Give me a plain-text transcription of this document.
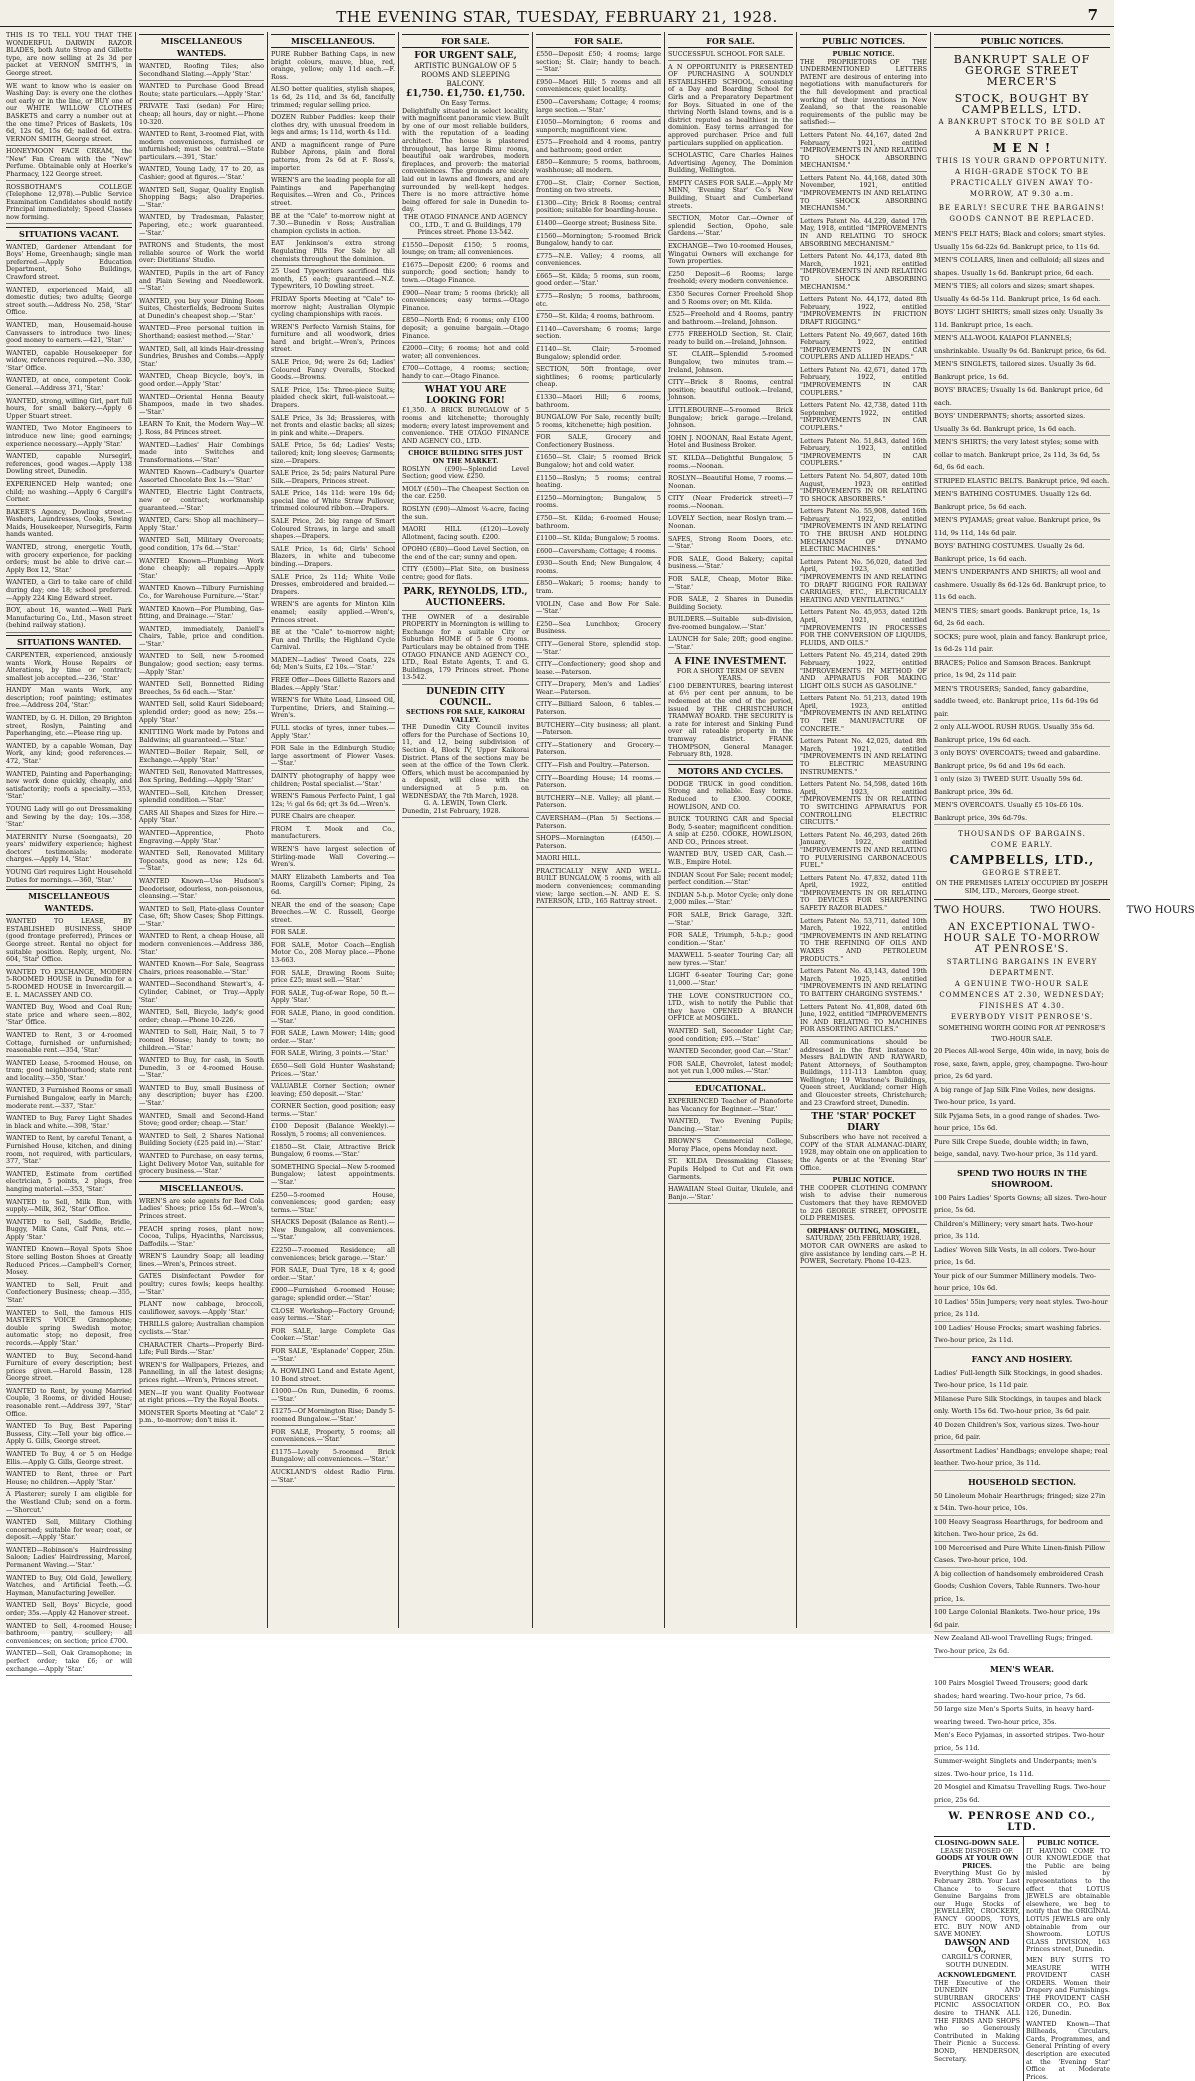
THE EVENING STAR, TUESDAY, FEBRUARY 21, 1928.	7
THIS IS TO TELL YOU THAT THE WONDERFUL DARWIN RAZOR BLADES, both Auto Strop and Gillette type, are now selling at 2s 3d per packet at VERNON SMITH'S, in George street.
WE want to know who is easier on Washing Day: is every one the clothes out early or in the line, or BUY one of our WHITE WILLOW CLOTHES BASKETS and carry a number out at the one time? Prices of Baskets, 10s 6d, 12s 6d, 15s 6d; nailed 6d extra. VERNON SMITH, George street.
HONEYMOON FACE CREAM, the "New" Fan Cream with the "New" Perfume. Obtainable only at Hoerke's Pharmacy, 122 George street.
ROSSBOTHAM'S COLLEGE (Telephone 12,978).—Public Service Examination Candidates should notify Principal immediately; Speed Classes now forming.
SITUATIONS VACANT.
WANTED, Gardener Attendant for Boys' Home, Greenhaugh; single man preferred.—Apply Education Department, Soho Buildings, Crawford street.
WANTED, experienced Maid, all domestic duties; two adults; George street south.—Address No. 258, 'Star' Office.
WANTED, man, Housemaid-house Canvassers to introduce two lines; good money to earners.—421, 'Star.'
WANTED, capable Housekeeper for widow, references required.—No. 330, 'Star' Office.
WANTED, at once, competent Cook-General.—Address 371, 'Star.'
WANTED, strong, willing Girl, part full hours, for small bakery.—Apply 6 Upper Stuart street.
WANTED, Two Motor Engineers to introduce new line; good earnings; experience necessary.—Apply 'Star.'
WANTED, capable Nursegirl, references, good wages.—Apply 138 Dowling street, Dunedin.
EXPERIENCED Help wanted; one child; no washing.—Apply 6 Cargill's Corner.
BAKER'S Agency, Dowling street.—Washers, Laundresses, Cooks, Sewing Maids, Housekeeper, Nursegirls, Farm hands wanted.
WANTED, strong, energetic Youth, with grocery experience, for packing orders; must be able to drive car.—Apply Box 12, 'Star.'
WANTED, a Girl to take care of child during day; one 18; school preferred.—Apply 224 King Edward street.
BOY, about 16, wanted.—Well Park Manufacturing Co., Ltd., Mason street (behind railway station).
SITUATIONS WANTED.
CARPENTER, experienced, anxiously wants Work, House Repairs or Alterations, by time or contract; smallest job accepted.—236, 'Star.'
HANDY Man wants Work, any description; roof painting; estimates free.—Address 204, 'Star.'
WANTED, by G. H. Dillon, 29 Brighton street, Roslyn, Painting and Paperhanging, etc.—Please ring up.
WANTED, by a capable Woman, Day Work, any kind; good references.—472, 'Star.'
WANTED, Painting and Paperhanging; new work done quickly, cheaply, and satisfactorily; roofs a specialty.—353, 'Star.'
YOUNG Lady will go out Dressmaking and Sewing by the day; 10s.—358, 'Star.'
MATERNITY Nurse (Soengaats), 20 years' midwifery experience; highest doctors' testimonials; moderate charges.—Apply 14, 'Star.'
YOUNG Girl requires Light Household Duties for mornings.—360, 'Star.'
MISCELLANEOUS WANTEDS.
WANTED TO LEASE, BY ESTABLISHED BUSINESS, SHOP (good frontage preferred), Princes or George street. Rental no object for suitable position. Reply, urgent, No. 604, 'Star' Office.
WANTED TO EXCHANGE, MODERN 5-ROOMED HOUSE in Dunedin for a 5-ROOMED HOUSE in Invercargill.—E. L. MACASSEY AND CO.
WANTED Buy, Wood and Coal Run; state price and where seen.—802, 'Star' Office.
WANTED to Rent, 3 or 4-roomed Cottage, furnished or unfurnished; reasonable rent.—354, 'Star.'
WANTED Lease, 5-roomed House, on tram; good neighbourhood; state rent and locality.—350, 'Star.'
WANTED, 3 Furnished Rooms or small Furnished Bungalow, early in March; moderate rent.—337, 'Star.'
WANTED to Buy, Farey Light Shades in black and white.—398, 'Star.'
WANTED to Rent, by careful Tenant, a Furnished House, kitchen, and dining room, not required, with particulars, 377, 'Star.'
WANTED, Estimate from certified electrician, 5 points, 2 plugs, free hanging material.—353, 'Star.'
WANTED to Sell, Milk Run, with supply.—Milk, 362, 'Star' Office.
WANTED to Sell, Saddle, Bridle, Buggy, Milk Cans, Calf Pens, etc.—Apply 'Star.'
WANTED Known—Royal Spots Shoe Store selling Boston Shoes at Greatly Reduced Prices.—Campbell's Corner, Mosey.
WANTED to Sell, Fruit and Confectionery Business; cheap.—355, 'Star.'
WANTED to Sell, the famous HIS MASTER'S VOICE Gramophone; double spring Swedish motor, automatic stop; no deposit, free records.—Apply 'Star.'
WANTED to Buy, Second-hand Furniture of every description; best prices given.—Harold Bassin, 128 George street.
WANTED to Rent, by young Married Couple, 3 Rooms, or divided House; reasonable rent.—Address 397, 'Star' Office.
WANTED To Buy, Best Papering Bussess, City.—Tell your big office.—Apply G. Gills, George street.
WANTED To Buy, 4 or 5 on Hedge Ellis.—Apply G. Gills, George street.
WANTED to Rent, three or Part House; no children.—Apply 'Star.'
A Plasterer; surely I am eligible for the Westland Club; send on a form.—'Shorcut.'
WANTED Sell, Military Clothing concerned; suitable for wear; coat, or deposit.—Apply 'Star.'
WANTED—Robinson's Hairdressing Saloon; Ladies' Hairdressing, Marcel, Permanent Waving.—'Star.'
WANTED to Buy, Old Gold, Jewellery, Watches, and Artificial Teeth.—G. Hayman, Manufacturing Jeweller.
WANTED Sell, Boys' Bicycle, good order; 35s.—Apply 42 Hanover street.
WANTED to Sell, 4-roomed House; bathroom, pantry, scullery; all conveniences; on section; price £700.
WANTED—Sell, Oak Gramophone; in perfect order; take £6; or will exchange.—Apply 'Star.'
MISCELLANEOUS WANTEDS.
WANTED, Roofing Tiles; also Secondhand Slating.—Apply 'Star.'
WANTED to Purchase Good Bread Route; state particulars.—Apply 'Star.'
PRIVATE Taxi (sedan) For Hire; cheap; all hours, day or night.—Phone 10-320.
WANTED to Rent, 3-roomed Flat, with modern conveniences, furnished or unfurnished; must be central.—State particulars.—391, 'Star.'
WANTED, Young Lady, 17 to 20, as Cashier; good at figures.—'Star.'
WANTED Sell, Sugar, Quality English Shopping Bags; also Draperies.—'Star.'
WANTED, by Tradesman, Palaster, Papering, etc.; work guaranteed.—'Star.'
PATRONS and Students, the most reliable source of Work the world over: Dietitians' Studio.
WANTED, Pupils in the art of Fancy and Plain Sewing and Needlework.—'Star.'
WANTED, you buy your Dining Room Suites, Chesterfields, Bedroom Suites at Dunedin's cheapest shop.—'Star.'
WANTED—Free personal tuition in Shorthand; easiest method.—'Star.'
WANTED, Sell, all kinds Hair-dressing Sundries, Brushes and Combs.—Apply 'Star.'
WANTED, Cheap Bicycle, boy's, in good order.—Apply 'Star.'
WANTED—Oriental Henna Beauty Shampoos, made in two shades.—'Star.'
LEARN To Knit, the Modern Way—W. J. Ross, 84 Princes street.
WANTED—Ladies' Hair Combings made into Switches and Transformations.—'Star.'
WANTED Known—Cadbury's Quarter Assorted Chocolate Box 1s.—'Star.'
WANTED, Electric Light Contracts, new or contract; workmanship guaranteed.—'Star.'
WANTED, Cars: Shop all machinery—Apply 'Star.'
WANTED Sell, Military Overcoats; good condition, 17s 6d.—'Star.'
WANTED Known—Plumbing Work done cheaply; all repairs.—Apply 'Star.'
WANTED Known—Tilbury Furnishing Co., for Warehouse Furniture.—'Star.'
WANTED Known—For Plumbing, Gas-fitting, and Drainage.—'Star.'
WANTED, immediately, Daniell's Chairs, Table, price and condition.—'Star.'
WANTED to Sell, new 5-roomed Bungalow; good section; easy terms.—Apply 'Star.'
WANTED Sell, Bonnetted Riding Breeches, 5s 6d each.—'Star.'
WANTED Sell, solid Kauri Sideboard; splendid order; good as new; 25s.—Apply 'Star.'
KNITTING Work made by Patons and Baldwins; all guaranteed.—'Star.'
WANTED—Boiler Repair, Sell, or Exchange.—Apply 'Star.'
WANTED Sell, Renovated Mattresses, Box Spring, Bedding.—Apply 'Star.'
WANTED—Sell, Kitchen Dresser, splendid condition.—'Star.'
CARS All Shapes and Sizes for Hire.—Apply 'Star.'
WANTED—Apprentice, Photo Engraving.—Apply 'Star.'
WANTED Sell, Renovated Military Topcoats, good as new; 12s 6d.—'Star.'
WANTED Known—Use Hudson's Deodoriser, odourless, non-poisonous, cleansing.—'Star.'
WANTED to Sell, Plate-glass Counter Case, 6ft; Show Cases; Shop Fittings.—'Star.'
WANTED to Rent, a cheap House, all modern conveniences.—Address 386, 'Star.'
WANTED Known—For Sale, Seagrass Chairs, prices reasonable.—'Star.'
WANTED—Secondhand Stewart's, 4-Cylinder, Cabinet, or Tray.—Apply 'Star.'
WANTED, Sell, Bicycle, lady's; good order; cheap.—Phone 10-226.
WANTED to Sell, Hair, Nail, 5 to 7 roomed House; handy to town; no children.—'Star.'
WANTED to Buy, for cash, in South Dunedin, 3 or 4-roomed House.—'Star.'
WANTED to Buy, small Business of any description; buyer has £200.—'Star.'
WANTED, Small and Second-Hand Stove; good order; cheap.—'Star.'
WANTED to Sell, 2 Shares National Building Society (£25 paid in).—'Star.'
WANTED to Purchase, on easy terms, Light Delivery Motor Van, suitable for grocery business.—'Star.'
MISCELLANEOUS.
WREN'S are sole agents for Red Cola Ladies' Shoes; price 15s 6d.—Wren's, Princes street.
PEACH spring roses, plant now; Cocoa, Tulips, Hyacinths, Narcissus, Daffodils.—'Star.'
WREN'S Laundry Soap; all leading lines.—Wren's, Princes street.
GATES Disinfectant Powder for poultry; cures fowls; keeps healthy.—'Star.'
PLANT now cabbage, broccoli, cauliflower, savoys.—Apply 'Star.'
THRILLS galore; Australian champion cyclists.—'Star.'
CHARACTER Charts—Properly Bird-Life; Full Birds.—'Star.'
WREN'S for Wallpapers, Friezes, and Pannelling, in all the latest designs; prices right.—Wren's, Princes street.
MEN—If you want Quality Footwear at right prices.—Try the Royal Boots.
MONSTER Sports Meeting at "Cale" 2 p.m., to-morrow; don't miss it.
MISCELLANEOUS.
PURE Rubber Bathing Caps, in new bright colours, mauve, blue, red, orange, yellow; only 11d each.—F. Ross.
ALSO better qualities, stylish shapes, 1s 6d, 2s 11d, and 3s 6d, fancifully trimmed; regular selling price.
DOZEN Rubber Paddles: keep their clothes dry, with unusual freedom in legs and arms; 1s 11d, worth 4s 11d.
AND a magnificent range of Pure Rubber Aprons, plain and floral patterns, from 2s 6d at F. Ross's, importer.
WREN'S are the leading people for all Paintings and Paperhanging Requisites.—Wren and Co., Princes street.
BE at the "Cale" to-morrow night at 7.30.—Bunedin v Ross; Australian champion cyclists in action.
EAT Jenkinson's extra strong Regulating Pills For Sale by all chemists throughout the dominion.
25 Used Typewriters sacrificed this month, £5 each; guaranteed.—N.Z. Typewriters, 10 Dowling street.
FRIDAY Sports Meeting at "Cale" to-morrow night; Australian Olympic cycling championships with races.
WREN'S Perfecto Varnish Stains, for furniture and all woodwork, dries hard and bright.—Wren's, Princes street.
SALE Price, 9d; were 2s 6d; Ladies' Coloured Fancy Overalls, Stocked Goods.—Browns.
SALE Price, 15s: Three-piece Suits; plaided check skirt, full-waistcoat.—Drapers.
SALE Price, 3s 3d; Brassieres, with net fronts and elastic backs; all sizes; in pink and white.—Drapers.
SALE Price, 5s 6d; Ladies' Vests; tailored; knit; long sleeves; Garments; size.—Drapers.
SALE Price, 2s 5d; pairs Natural Pure Silk.—Drapers, Princes street.
SALE Price, 14s 11d: were 19s 6d; special line of White Straw Pullover, trimmed coloured ribbon.—Drapers.
SALE Price, 2d: big range of Smart Coloured Straws, in large and small shapes.—Drapers.
SALE Price, 1s 6d; Girls' School Blazers, in white and tubecome binding.—Drapers.
SALE Price, 2s 11d; White Voile Dresses, embroidered and braided.—Drapers.
WREN'S are agents for Minton Kiln enamel; easily applied.—Wren's, Princes street.
BE at the "Cale" to-morrow night; Fun and Thrills; the Highland Cycle Carnival.
MADEN—Ladies' Tweed Coats, 22s 6d; Men's Suits, £2 10s.—'Star.'
FREE Offer—Dees Gillette Razors and Blades.—Apply 'Star.'
WREN'S for White Lead, Linseed Oil, Turpentine, Driers, and Staining.—Wren's.
FULL stocks of tyres, inner tubes.—Apply 'Star.'
FOR Sale in the Edinburgh Studio; large assortment of Flower Vases.—'Star.'
DAINTY photography of happy wee children; Postal specialist.—'Star.'
WREN'S Famous Perfecto Paint, 1 gal 12s; ½ gal 6s 6d; qrt 3s 6d.—Wren's.
PURE Chairs are cheaper.
FROM T. Mook and Co., manufacturers.
WREN'S have largest selection of Stirling-made Wall Covering.—Wren's.
MARY Elizabeth Lamberts and Tea Rooms, Cargill's Corner; Piping, 2s 6d.
NEAR the end of the season; Cape Breeches.—W. C. Russell, George street.
FOR SALE.
FOR SALE, Motor Coach—English Motor Co., 208 Moray place.—Phone 13-663.
FOR SALE, Drawing Room Suite; price £25; must sell.—'Star.'
FOR SALE, Tug-of-war Rope, 50 ft.—Apply 'Star.'
FOR SALE, Piano, in good condition.—'Star.'
FOR SALE, Lawn Mower; 14in; good order.—'Star.'
FOR SALE, Wiring, 3 points.—'Star.'
£650—Sell Gold Hunter Washstand; Prices.—'Star.'
VALUABLE Corner Section; owner leaving; £50 deposit.—'Star.'
CORNER Section, good position; easy terms.—'Star.'
£100 Deposit (Balance Weekly).—Rosslyn, 5 rooms; all conveniences.
£1850—St. Clair, Attractive Brick Bungalow, 6 rooms.—'Star.'
SOMETHING Special—New 5-roomed Bungalow; latest appointments.—'Star.'
£250—5-roomed House, conveniences; good garden; easy terms.—'Star.'
SHACKS Deposit (Balance as Rent).—New Bungalow, all conveniences.—'Star.'
£2250—7-roomed Residence; all conveniences; brick garage.—'Star.'
FOR SALE, Dual Tyre, 18 x 4; good order.—'Star.'
£900—Furnished 6-roomed House; garage; splendid order.—'Star.'
CLOSE Workshop—Factory Ground; easy terms.—'Star.'
FOR SALE, large Complete Gas Cooker.—'Star.'
FOR SALE, 'Esplanade' Copper, 25in.—'Star.'
A. HOWLING Land and Estate Agent, 10 Bond street.
£1000—On Run, Dunedin, 6 rooms.—'Star.'
£1275—Of Mornington Rise; Dandy 5-roomed Bungalow.—'Star.'
FOR SALE, Property, 5 rooms; all conveniences.—'Star.'
£1175—Lovely 5-roomed Brick Bungalow; all conveniences.—'Star.'
AUCKLAND'S oldest Radio Firm.—'Star.'
FOR SALE.
FOR URGENT SALE,
ARTISTIC BUNGALOW OF 5 ROOMS AND SLEEPING BALCONY.
£1,750. £1,750. £1,750.
On Easy Terms.
Delightfully situated in select locality, with magnificent panoramic view. Built by one of our most reliable builders, with the reputation of a leading architect. The house is plastered throughout, has large Rimu rooms, beautiful oak wardrobes, modern fireplaces, and proverb: the material conveniences. The grounds are nicely laid out in lawns and flowers, and are surrounded by well-kept hedges. There is no more attractive home being offered for sale in Dunedin to-day.
THE OTAGO FINANCE AND AGENCY CO., LTD., T. and G. Buildings, 179 Princes street. Phone 13-542.
£1550—Deposit £150; 5 rooms, lounge; on tram; all conveniences.
£1675—Deposit £200; 6 rooms and sunporch; good section; handy to town.—Otago Finance.
£900—Near tram; 5 rooms (brick); all conveniences; easy terms.—Otago Finance.
£850—North End; 6 rooms; only £100 deposit; a genuine bargain.—Otago Finance.
£2000—City; 6 rooms; hot and cold water; all conveniences.
£700—Cottage, 4 rooms; section; handy to car.—Otago Finance.
WHAT YOU ARE LOOKING FOR!
£1,350. A BRICK BUNGALOW of 5 rooms and kitchenette; thoroughly modern; every latest improvement and convenience. THE OTAGO FINANCE AND AGENCY CO., LTD.
CHOICE BUILDING SITES JUST ON THE MARKET.
ROSLYN (£90)—Splendid Level Section; good view. £250.
MOLY (£50)—The Cheapest Section on the car. £250.
ROSLYN (£90)—Almost ¼-acre, facing the sun.
MAORI HILL (£120)—Lovely Allotment, facing south. £200.
OPOHO (£80)—Good Level Section, on the end of the car; sunny and open.
CITY (£500)—Flat Site, on business centre; good for flats.
PARK, REYNOLDS, LTD., AUCTIONEERS.
THE OWNER of a desirable PROPERTY in Mornington is willing to Exchange for a suitable City or Suburban HOME of 5 or 6 rooms. Particulars may be obtained from THE OTAGO FINANCE AND AGENCY CO., LTD., Real Estate Agents, T. and G. Buildings, 179 Princes street. Phone 13-542.
DUNEDIN CITY COUNCIL.
SECTIONS FOR SALE, KAIKORAI VALLEY.
THE Dunedin City Council invites offers for the Purchase of Sections 10, 11, and 12, being subdivision of Section 4, Block IV, Upper Kaikorai District. Plans of the sections may be seen at the office of the Town Clerk. Offers, which must be accompanied by a deposit, will close with the undersigned at 5 p.m. on WEDNESDAY, the 7th March, 1928.
G. A. LEWIN, Town Clerk.
Dunedin, 21st February, 1928.
FOR SALE.
£550—Deposit £50; 4 rooms; large section; St. Clair; handy to beach.—'Star.'
£950—Maori Hill; 5 rooms and all conveniences; quiet locality.
£500—Caversham; Cottage; 4 rooms; large section.—'Star.'
£1050—Mornington; 6 rooms and sunporch; magnificent view.
£575—Freehold and 4 rooms, pantry and bathroom; good order.
£850—Kenmure; 5 rooms, bathroom, washhouse; all modern.
£700—St. Clair; Corner Section, fronting on two streets.
£1300—City; Brick 8 Rooms; central position; suitable for boarding-house.
£1400—George street; Business Site.
£1560—Mornington; 5-roomed Brick Bungalow, handy to car.
£775—N.E. Valley; 4 rooms, all conveniences.
£665—St. Kilda; 5 rooms, sun room, good order.—'Star.'
£775—Roslyn; 5 rooms, bathroom, etc.
£750—St. Kilda; 4 rooms, bathroom.
£1140—Caversham; 6 rooms; large section.
£1140—St. Clair; 5-roomed Bungalow; splendid order.
SECTION, 50ft frontage, over sightlines; 6 rooms; particularly cheap.
£1330—Maori Hill; 6 rooms, bathroom.
BUNGALOW For Sale, recently built; 5 rooms, kitchenette; high position.
FOR SALE, Grocery and Confectionery Business.
£1650—St. Clair; 5 roomed Brick Bungalow; hot and cold water.
£1150—Roslyn; 5 rooms; central heating.
£1250—Mornington; Bungalow, 5 rooms.
£750—St. Kilda; 6-roomed House; bathroom.
£1100—St. Kilda; Bungalow; 5 rooms.
£600—Caversham; Cottage; 4 rooms.
£930—South End; New Bungalow, 4 rooms.
£850—Wakari; 5 rooms; handy to tram.
VIOLIN, Case and Bow For Sale.—'Star.'
£250—Sea Lunchbox; Grocery Business.
CITY—General Store, splendid stop.—'Star.'
CITY—Confectionery; good shop and lease.—Paterson.
CITY—Drapery, Men's and Ladies' Wear.—Paterson.
CITY—Billiard Saloon, 6 tables.—Paterson.
BUTCHERY—City business; all plant.—Paterson.
CITY—Stationery and Grocery.—Paterson.
CITY—Fish and Poultry.—Paterson.
CITY—Boarding House; 14 rooms.—Paterson.
BUTCHERY—N.E. Valley; all plant.—Paterson.
CAVERSHAM—(Plan 5) Sections.—Paterson.
SHOPS—Mornington (£450).—Paterson.
MAORI HILL.
PRACTICALLY NEW AND WELL-BUILT BUNGALOW, 5 rooms, with all modern conveniences; commanding view; large section.—N. AND E. S. PATERSON, LTD., 165 Rattray street.
FOR SALE.
SUCCESSFUL SCHOOL FOR SALE.
A N OPPORTUNITY is PRESENTED OF PURCHASING A SOUNDLY ESTABLISHED SCHOOL, consisting of a Day and Boarding School for Girls and a Preparatory Department for Boys. Situated in one of the thriving North Island towns, and is a district reputed as healthiest in the dominion. Easy terms arranged for approved purchaser. Price and full particulars supplied on application.
SCHOLASTIC, Care Charles Haines Advertising Agency, The Dominion Building, Wellington.
EMPTY CASES FOR SALE.—Apply Mr MINN, 'Evening Star' Co.'s New Building, Stuart and Cumberland streets.
SECTION, Motor Car.—Owner of splendid Section, Opoho, sale Gardens.—'Star.'
EXCHANGE—Two 10-roomed Houses, Wingatui Owners will exchange for Town properties.
£250 Deposit—6 Rooms; large freehold; every modern convenience.
£350 Secures Corner Freehold Shop and 5 Rooms over; on Mt. Kilda.
£525—Freehold and 4 Rooms, pantry and bathroom.—Ireland, Johnson.
£775 FREEHOLD Section, St. Clair, ready to build on.—Ireland, Johnson.
ST. CLAIR—Splendid 5-roomed Bungalow, two minutes tram.—Ireland, Johnson.
CITY—Brick 8 Rooms, central position; beautiful outlook.—Ireland, Johnson.
LITTLEBOURNE—5-roomed Brick Bungalow; brick garage.—Ireland, Johnson.
JOHN J. NOONAN, Real Estate Agent, Hotel and Business Broker.
ST. KILDA—Delightful Bungalow, 5 rooms.—Noonan.
ROSLYN—Beautiful Home, 7 rooms.—Noonan.
CITY (Near Frederick street)—7 rooms.—Noonan.
LOVELY Section, near Roslyn tram.—Noonan.
SAFES, Strong Room Doors, etc.—'Star.'
FOR SALE, Good Bakery; capital business.—'Star.'
FOR SALE, Cheap, Motor Bike.—'Star.'
FOR SALE, 2 Shares in Dunedin Building Society.
BUILDERS.—Suitable sub-division, five-roomed bungalow.—'Star.'
LAUNCH for Sale; 20ft; good engine.—'Star.'
A FINE INVESTMENT.
FOR A SHORT TERM OF SEVEN YEARS.
£100 DEBENTURES, bearing interest at 6½ per cent per annum, to be redeemed at the end of the period, issued by THE CHRISTCHURCH TRAMWAY BOARD. THE SECURITY is a rate for interest and Sinking Fund over all rateable property in the tramway district. FRANK THOMPSON, General Manager. February 8th, 1928.
MOTORS AND CYCLES.
DODGE TRUCK in good condition. Strong and reliable. Easy terms. Reduced to £300. COOKE, HOWLISON, AND CO.
BUICK TOURING CAR and Special Body, 5-seater; magnificent condition. A snip at £250. COOKE, HOWLISON, AND CO., Princes street.
WANTED BUY, USED CAR, Cash.—W.B., Empire Hotel.
INDIAN Scout For Sale; recent model; perfect condition.—'Star.'
INDIAN 5-h.p. Motor Cycle; only done 2,000 miles.—'Star.'
FOR SALE, Brick Garage, 32ft.—'Star.'
FOR SALE, Triumph, 5-h.p.; good condition.—'Star.'
MAXWELL 5-seater Touring Car; all new tyres.—'Star.'
LIGHT 6-seater Touring Car; gone 11,000.—'Star.'
THE LOVE CONSTRUCTION CO., LTD., wish to notify the Public that they have OPENED A BRANCH OFFICE at MOSGIEL.
WANTED Sell, Seconder Light Car; good condition; £95.—'Star.'
WANTED Seconder, good Car.—'Star.'
FOR SALE, Chevrolet, latest model; not yet run 1,000 miles.—'Star.'
EDUCATIONAL.
EXPERIENCED Teacher of Pianoforte has Vacancy for Beginner.—'Star.'
WANTED, Two Evening Pupils; Dancing.—'Star.'
BROWN'S Commercial College, Moray Place, opens Monday next.
ST. KILDA Dressmaking Classes; Pupils Helped to Cut and Fit own Garments.
HAWAIIAN Steel Guitar, Ukulele, and Banjo.—'Star.'
PUBLIC NOTICES.
PUBLIC NOTICE.
THE PROPRIETORS OF THE UNDERMENTIONED LETTERS PATENT are desirous of entering into negotiations with manufacturers for the full development and practical working of their inventions in New Zealand, so that the reasonable requirements of the public may be satisfied:—
Letters Patent No. 44,167, dated 2nd February, 1921, entitled "IMPROVEMENTS IN AND RELATING TO SHOCK ABSORBING MECHANISM."
Letters Patent No. 44,168, dated 30th November, 1921, entitled "IMPROVEMENTS IN AND RELATING TO SHOCK ABSORBING MECHANISM."
Letters Patent No. 44,229, dated 17th May, 1918, entitled "IMPROVEMENTS IN AND RELATING TO SHOCK ABSORBING MECHANISM."
Letters Patent No. 44,173, dated 8th March, 1921, entitled "IMPROVEMENTS IN AND RELATING TO SHOCK ABSORBING MECHANISM."
Letters Patent No. 44,172, dated 8th February, 1922, entitled "IMPROVEMENTS IN FRICTION DRAFT RIGGING."
Letters Patent No. 49,667, dated 16th February, 1922, entitled "IMPROVEMENTS IN CAR COUPLERS AND ALLIED HEADS."
Letters Patent No. 42,671, dated 17th February, 1922, entitled "IMPROVEMENTS IN CAR COUPLERS."
Letters Patent No. 42,738, dated 11th September, 1922, entitled "IMPROVEMENTS IN CAR COUPLERS."
Letters Patent No. 51,843, dated 16th February, 1923, entitled "IMPROVEMENTS IN CAR COUPLERS."
Letters Patent No. 54,807, dated 10th August, 1923, entitled "IMPROVEMENTS IN OR RELATING TO SHOCK ABSORBERS."
Letters Patent No. 55,908, dated 16th February, 1922, entitled "IMPROVEMENTS IN AND RELATING TO THE BRUSH AND HOLDING MECHANISM OF DYNAMO ELECTRIC MACHINES."
Letters Patent No. 56,020, dated 3rd April, 1923, entitled "IMPROVEMENTS IN AND RELATING TO DRAFT RIGGING FOR RAILWAY CARRIAGES, ETC., ELECTRICALLY HEATING AND VENTILATING."
Letters Patent No. 45,953, dated 12th April, 1921, entitled "IMPROVEMENTS IN PROCESSES FOR THE CONVERSION OF LIQUIDS, FLUIDS, AND OILS."
Letters Patent No. 45,214, dated 29th February, 1922, entitled "IMPROVEMENTS IN METHOD OF AND APPARATUS FOR MAKING LIGHT OILS SUCH AS GASOLINE."
Letters Patent No. 51,213, dated 19th April, 1923, entitled "IMPROVEMENTS IN AND RELATING TO THE MANUFACTURE OF CONCRETE."
Letters Patent No. 42,025, dated 8th March, 1921, entitled "IMPROVEMENTS IN AND RELATING TO ELECTRIC MEASURING INSTRUMENTS."
Letters Patent No. 54,598, dated 16th April, 1923, entitled "IMPROVEMENTS IN OR RELATING TO SWITCHING APPARATUS FOR CONTROLLING ELECTRIC CIRCUITS."
Letters Patent No. 46,293, dated 26th January, 1922, entitled "IMPROVEMENTS IN AND RELATING TO PULVERISING CARBONACEOUS FUEL."
Letters Patent No. 47,832, dated 11th April, 1922, entitled "IMPROVEMENTS IN OR RELATING TO DEVICES FOR SHARPENING SAFETY RAZOR BLADES."
Letters Patent No. 53,711, dated 10th March, 1922, entitled "IMPROVEMENTS IN AND RELATING TO THE REFINING OF OILS AND WAXES AND PETROLEUM PRODUCTS."
Letters Patent No. 43,143, dated 19th March, 1925, entitled "IMPROVEMENTS IN AND RELATING TO BATTERY CHARGING SYSTEMS."
Letters Patent No. 41,808, dated 6th June, 1922, entitled "IMPROVEMENTS IN AND RELATING TO MACHINES FOR ASSORTING ARTICLES."
All communications should be addressed in the first instance to Messrs BALDWIN AND RAYWARD, Patent Attorneys, of Southampton Buildings, 111-113 Lambton quay, Wellington; 19 Winstone's Buildings, Queen street, Auckland; corner High and Gloucester streets, Christchurch; and 23 Crawford street, Dunedin.
THE 'STAR' POCKET DIARY
Subscribers who have not received a COPY of the STAR ALMANAC-DIARY, 1928, may obtain one on application to the Agents or at the 'Evening Star' Office.
PUBLIC NOTICE.
THE COOPER CLOTHING COMPANY wish to advise their numerous Customers that they have REMOVED to 226 GEORGE STREET, OPPOSITE OLD PREMISES.
ORPHANS' OUTING, MOSGIEL,
SATURDAY, 25th FEBRUARY, 1928.
MOTOR CAR OWNERS are asked to give assistance by lending cars.—P. H. POWER, Secretary. Phone 10-423.
PUBLIC NOTICES.
BANKRUPT SALE OF GEORGE STREET MERCER'S
STOCK, BOUGHT BY CAMPBELLS, LTD.
A BANKRUPT STOCK TO BE SOLD AT A BANKRUPT PRICE.
M E N !
THIS IS YOUR GRAND OPPORTUNITY.
A HIGH-GRADE STOCK TO BE PRACTICALLY GIVEN AWAY TO-MORROW, AT 9.30 a.m.
BE EARLY! SECURE THE BARGAINS!
GOODS CANNOT BE REPLACED.
MEN'S FELT HATS; Black and colors; smart styles. Usually 15s 6d-22s 6d. Bankrupt price, to 11s 6d.
MEN'S COLLARS, linen and celluloid; all sizes and shapes. Usually 1s 6d. Bankrupt price, 6d each.
MEN'S TIES; all colors and sizes; smart shapes. Usually 4s 6d-5s 11d. Bankrupt price, 1s 6d each.
BOYS' LIGHT SHIRTS; small sizes only. Usually 3s 11d. Bankrupt price, 1s each.
MEN'S ALL-WOOL KAIAPOI FLANNELS; unshrinkable. Usually 9s 6d. Bankrupt price, 6s 6d.
MEN'S SINGLETS, tailored sizes. Usually 3s 6d. Bankrupt price, 1s 6d.
BOYS' BRACES; Usually 1s 6d. Bankrupt price, 6d each.
BOYS' UNDERPANTS; shorts; assorted sizes. Usually 3s 6d. Bankrupt price, 1s 6d each.
MEN'S SHIRTS; the very latest styles; some with collar to match. Bankrupt price, 2s 11d, 3s 6d, 5s 6d, 6s 6d each.
STRIPED ELASTIC BELTS. Bankrupt price, 9d each.
MEN'S BATHING COSTUMES. Usually 12s 6d. Bankrupt price, 5s 6d each.
MEN'S PYJAMAS; great value. Bankrupt price, 9s 11d, 9s 11d, 14s 6d pair.
BOYS' BATHING COSTUMES. Usually 2s 6d. Bankrupt price, 1s 6d each.
MEN'S UNDERPANTS AND SHIRTS; all wool and cashmere. Usually 8s 6d-12s 6d. Bankrupt price, to 11s 6d each.
MEN'S TIES; smart goods. Bankrupt price, 1s, 1s 6d, 2s 6d each.
SOCKS; pure wool, plain and fancy. Bankrupt price, 1s 6d-2s 11d pair.
BRACES; Police and Samson Braces. Bankrupt price, 1s 9d, 2s 11d pair.
MEN'S TROUSERS; Sanded, fancy gabardine, saddle tweed, etc. Bankrupt price, 11s 6d-19s 6d pair.
2 only ALL-WOOL RUSH RUGS. Usually 35s 6d. Bankrupt price, 19s 6d each.
3 only BOYS' OVERCOATS; tweed and gabardine. Bankrupt price, 9s 6d and 19s 6d each.
1 only (size 3) TWEED SUIT. Usually 59s 6d. Bankrupt price, 39s 6d.
MEN'S OVERCOATS. Usually £5 10s-£6 10s. Bankrupt price, 39s 6d-79s.
THOUSANDS OF BARGAINS.
COME EARLY.
CAMPBELLS, LTD.,
GEORGE STREET.
ON THE PREMISES LATELY OCCUPIED BY JOSEPH SIM, LTD., Mercers, George street.
TWO HOURS.        TWO HOURS.        TWO HOURS
AN EXCEPTIONAL TWO-HOUR SALE TO-MORROW AT PENROSE'S.
STARTLING BARGAINS IN EVERY DEPARTMENT.
A GENUINE TWO-HOUR SALE
COMMENCES AT 2.30, WEDNESDAY; FINISHES AT 4.30.
EVERYBODY VISIT PENROSE'S.
SOMETHING WORTH GOING FOR AT PENROSE'S TWO-HOUR SALE.
20 Pieces All-wool Serge, 40in wide, in navy, bois de rose, saxe, fawn, apple, grey, champagne. Two-hour price, 2s 6d yard.
A big range of Jap Silk Fine Voiles, new designs. Two-hour price, 1s yard.
Silk Pyjama Sets, in a good range of shades. Two-hour price, 15s 6d.
Pure Silk Crepe Suede, double width; in fawn, beige, sandal, navy. Two-hour price, 3s 11d yard.
SPEND TWO HOURS IN THE SHOWROOM.
100 Pairs Ladies' Sports Gowns; all sizes. Two-hour price, 5s 6d.
Children's Millinery; very smart hats. Two-hour price, 3s 11d.
Ladies' Woven Silk Vests, in all colors. Two-hour price, 1s 6d.
Your pick of our Summer Millinery models. Two-hour price, 10s 6d.
10 Ladies' 55in Jumpers; very neat styles. Two-hour price, 2s 11d.
100 Ladies' House Frocks; smart washing fabrics. Two-hour price, 2s 11d.
FANCY AND HOSIERY.
Ladies' Full-length Silk Stockings, in good shades. Two-hour price, 1s 11d pair.
Milanese Pure Silk Stockings, in taupes and black only. Worth 15s 6d. Two-hour price, 3s 6d pair.
40 Dozen Children's Sox, various sizes. Two-hour price, 6d pair.
Assortment Ladies' Handbags; envelope shape; real leather. Two-hour price, 3s 11d.
HOUSEHOLD SECTION.
50 Linoleum Mohair Hearthrugs; fringed; size 27in x 54in. Two-hour price, 10s.
100 Heavy Seagrass Hearthrugs, for bedroom and kitchen. Two-hour price, 2s 6d.
100 Mercerised and Pure White Linen-finish Pillow Cases. Two-hour price, 10d.
A big collection of handsomely embroidered Crash Goods; Cushion Covers, Table Runners. Two-hour price, 1s.
100 Large Colonial Blankets. Two-hour price, 19s 6d pair.
New Zealand All-wool Travelling Rugs; fringed. Two-hour price, 2s 6d.
MEN'S WEAR.
100 Pairs Mosgiel Tweed Trousers; good dark shades; hard wearing. Two-hour price, 7s 6d.
50 large size Men's Sports Suits, in heavy hard-wearing tweed. Two-hour price, 35s.
Men's Eeco Pyjamas, in assorted stripes. Two-hour price, 5s 11d.
Summer-weight Singlets and Underpants; men's sizes. Two-hour price, 1s 11d.
20 Mosgiel and Kimatsu Travelling Rugs. Two-hour price, 25s 6d.
W. PENROSE AND CO., LTD.
CLOSING-DOWN SALE.
LEASE DISPOSED OF.
GOODS AT YOUR OWN PRICES.
Everything Must Go by February 28th. Your Last Chance to Secure Genuine Bargains from our Huge Stocks of JEWELLERY, CROCKERY, FANCY GOODS, TOYS, ETC. BUY NOW AND SAVE MONEY.
DAWSON AND CO.,
CARGILL'S CORNER, SOUTH DUNEDIN.
ACKNOWLEDGMENT.
THE Executive of the DUNEDIN AND SUBURBAN GROCERS' PICNIC ASSOCIATION desire to THANK ALL THE FIRMS AND SHOPS who so Generously Contributed in Making Their Picnic a Success. BOND, HENDERSON, Secretary.
PUBLIC NOTICE.
IT HAVING COME TO OUR KNOWLEDGE that the Public are being misled by representations to the effect that LOTUS JEWELS are obtainable elsewhere, we beg to notify that the ORIGINAL LOTUS JEWELS are only obtainable from our Showroom. LOTUS GLASS DIVISION, 163 Princes street, Dunedin.
MEN BUY SUITS TO MEASURE WITH PROVIDENT CASH ORDERS. Women their Drapery and Furnishings. THE PROVIDENT CASH ORDER CO., P.O. Box 126, Dunedin.
WANTED Known—That Billheads, Circulars, Cards, Programmes, and General Printing of every description are executed at the 'Evening Star' Office at Moderate Prices.
